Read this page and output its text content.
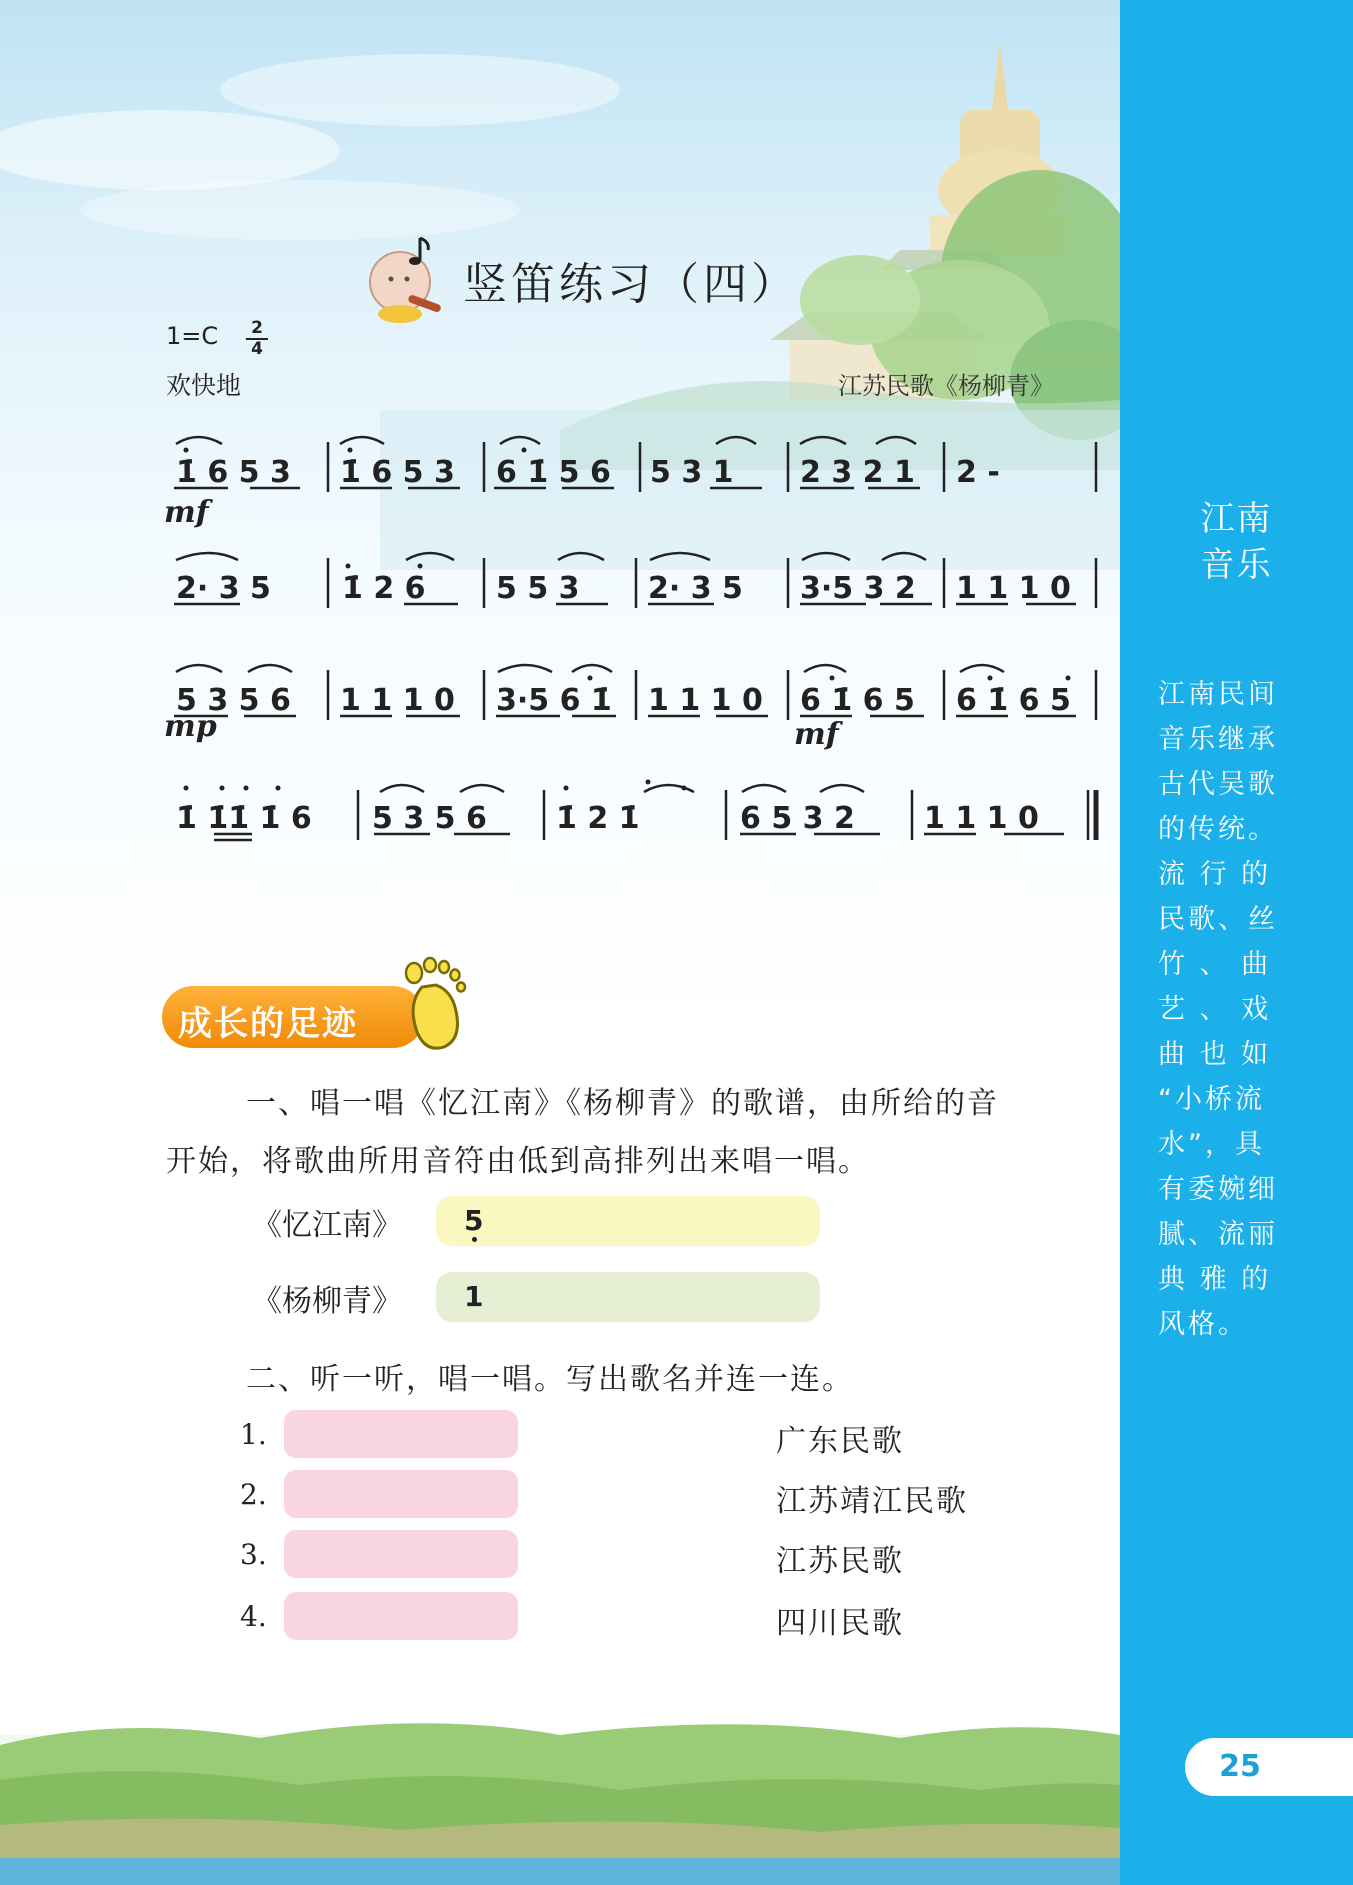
竖笛练习（四）
1=C 2
4
欢快地	江苏民歌《杨柳青》
1̇ 6 5 3 1̇ 6 5 3 6 1̇ 5 6 5 3 1 2 3 2 1 2 -
2· 3 5 1̇ 2 6 5 5 3 2· 3 5 3·5 3 2 1 1 1 0
5 3 5 6 1 1 1 0 3·5 6 1̇ 1 1 1 0 6 1̇ 6 5 6 1̇ 6 5
1̇ 1̇1̇ 1̇ 6 5 3 5 6 1̇ 2 1̇	6 5 3 2 1 1 1 0
mf
mp	mf
成长的足迹
一、唱一唱《忆江南》《杨柳青》的歌谱，由所给的音
开始，将歌曲所用音符由低到高排列出来唱一唱。
《忆江南》 5
《杨柳青》 1
二、听一听，唱一唱。写出歌名并连一连。
1.	广东民歌
2.	江苏靖江民歌
3.	江苏民歌
4.	四川民歌
江南
音乐
江南民间
音乐继承
古代吴歌
的传统。
流 行 的
民歌、丝
竹 、 曲
艺 、 戏
曲 也 如
“小桥流
水”，具
有委婉细
腻、流丽
典 雅 的
风格。
25
